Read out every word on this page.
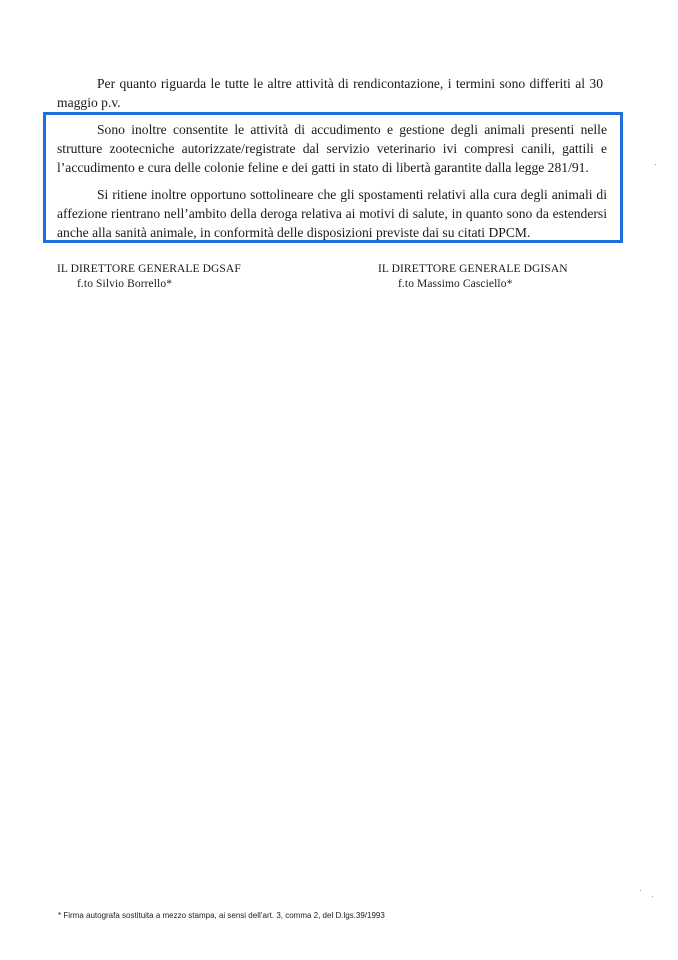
Per quanto riguarda le tutte le altre attività di rendicontazione, i termini sono differiti al 30 maggio p.v.

Sono inoltre consentite le attività di accudimento e gestione degli animali presenti nelle strutture zootecniche autorizzate/registrate dal servizio veterinario ivi compresi canili, gattili e l’accudimento e cura delle colonie feline e dei gatti in stato di libertà garantite dalla legge 281/91.

Si ritiene inoltre opportuno sottolineare che gli spostamenti relativi alla cura degli animali di affezione rientrano nell’ambito della deroga relativa ai motivi di salute, in quanto sono da estendersi anche alla sanità animale, in conformità delle disposizioni previste dai su citati DPCM.

IL DIRETTORE GENERALE DGSAF
f.to Silvio Borrello*
IL DIRETTORE GENERALE DGISAN
f.to Massimo Casciello*
* Firma autografa sostituita a mezzo stampa, ai sensi dell’art. 3, comma 2, del D.lgs.39/1993
